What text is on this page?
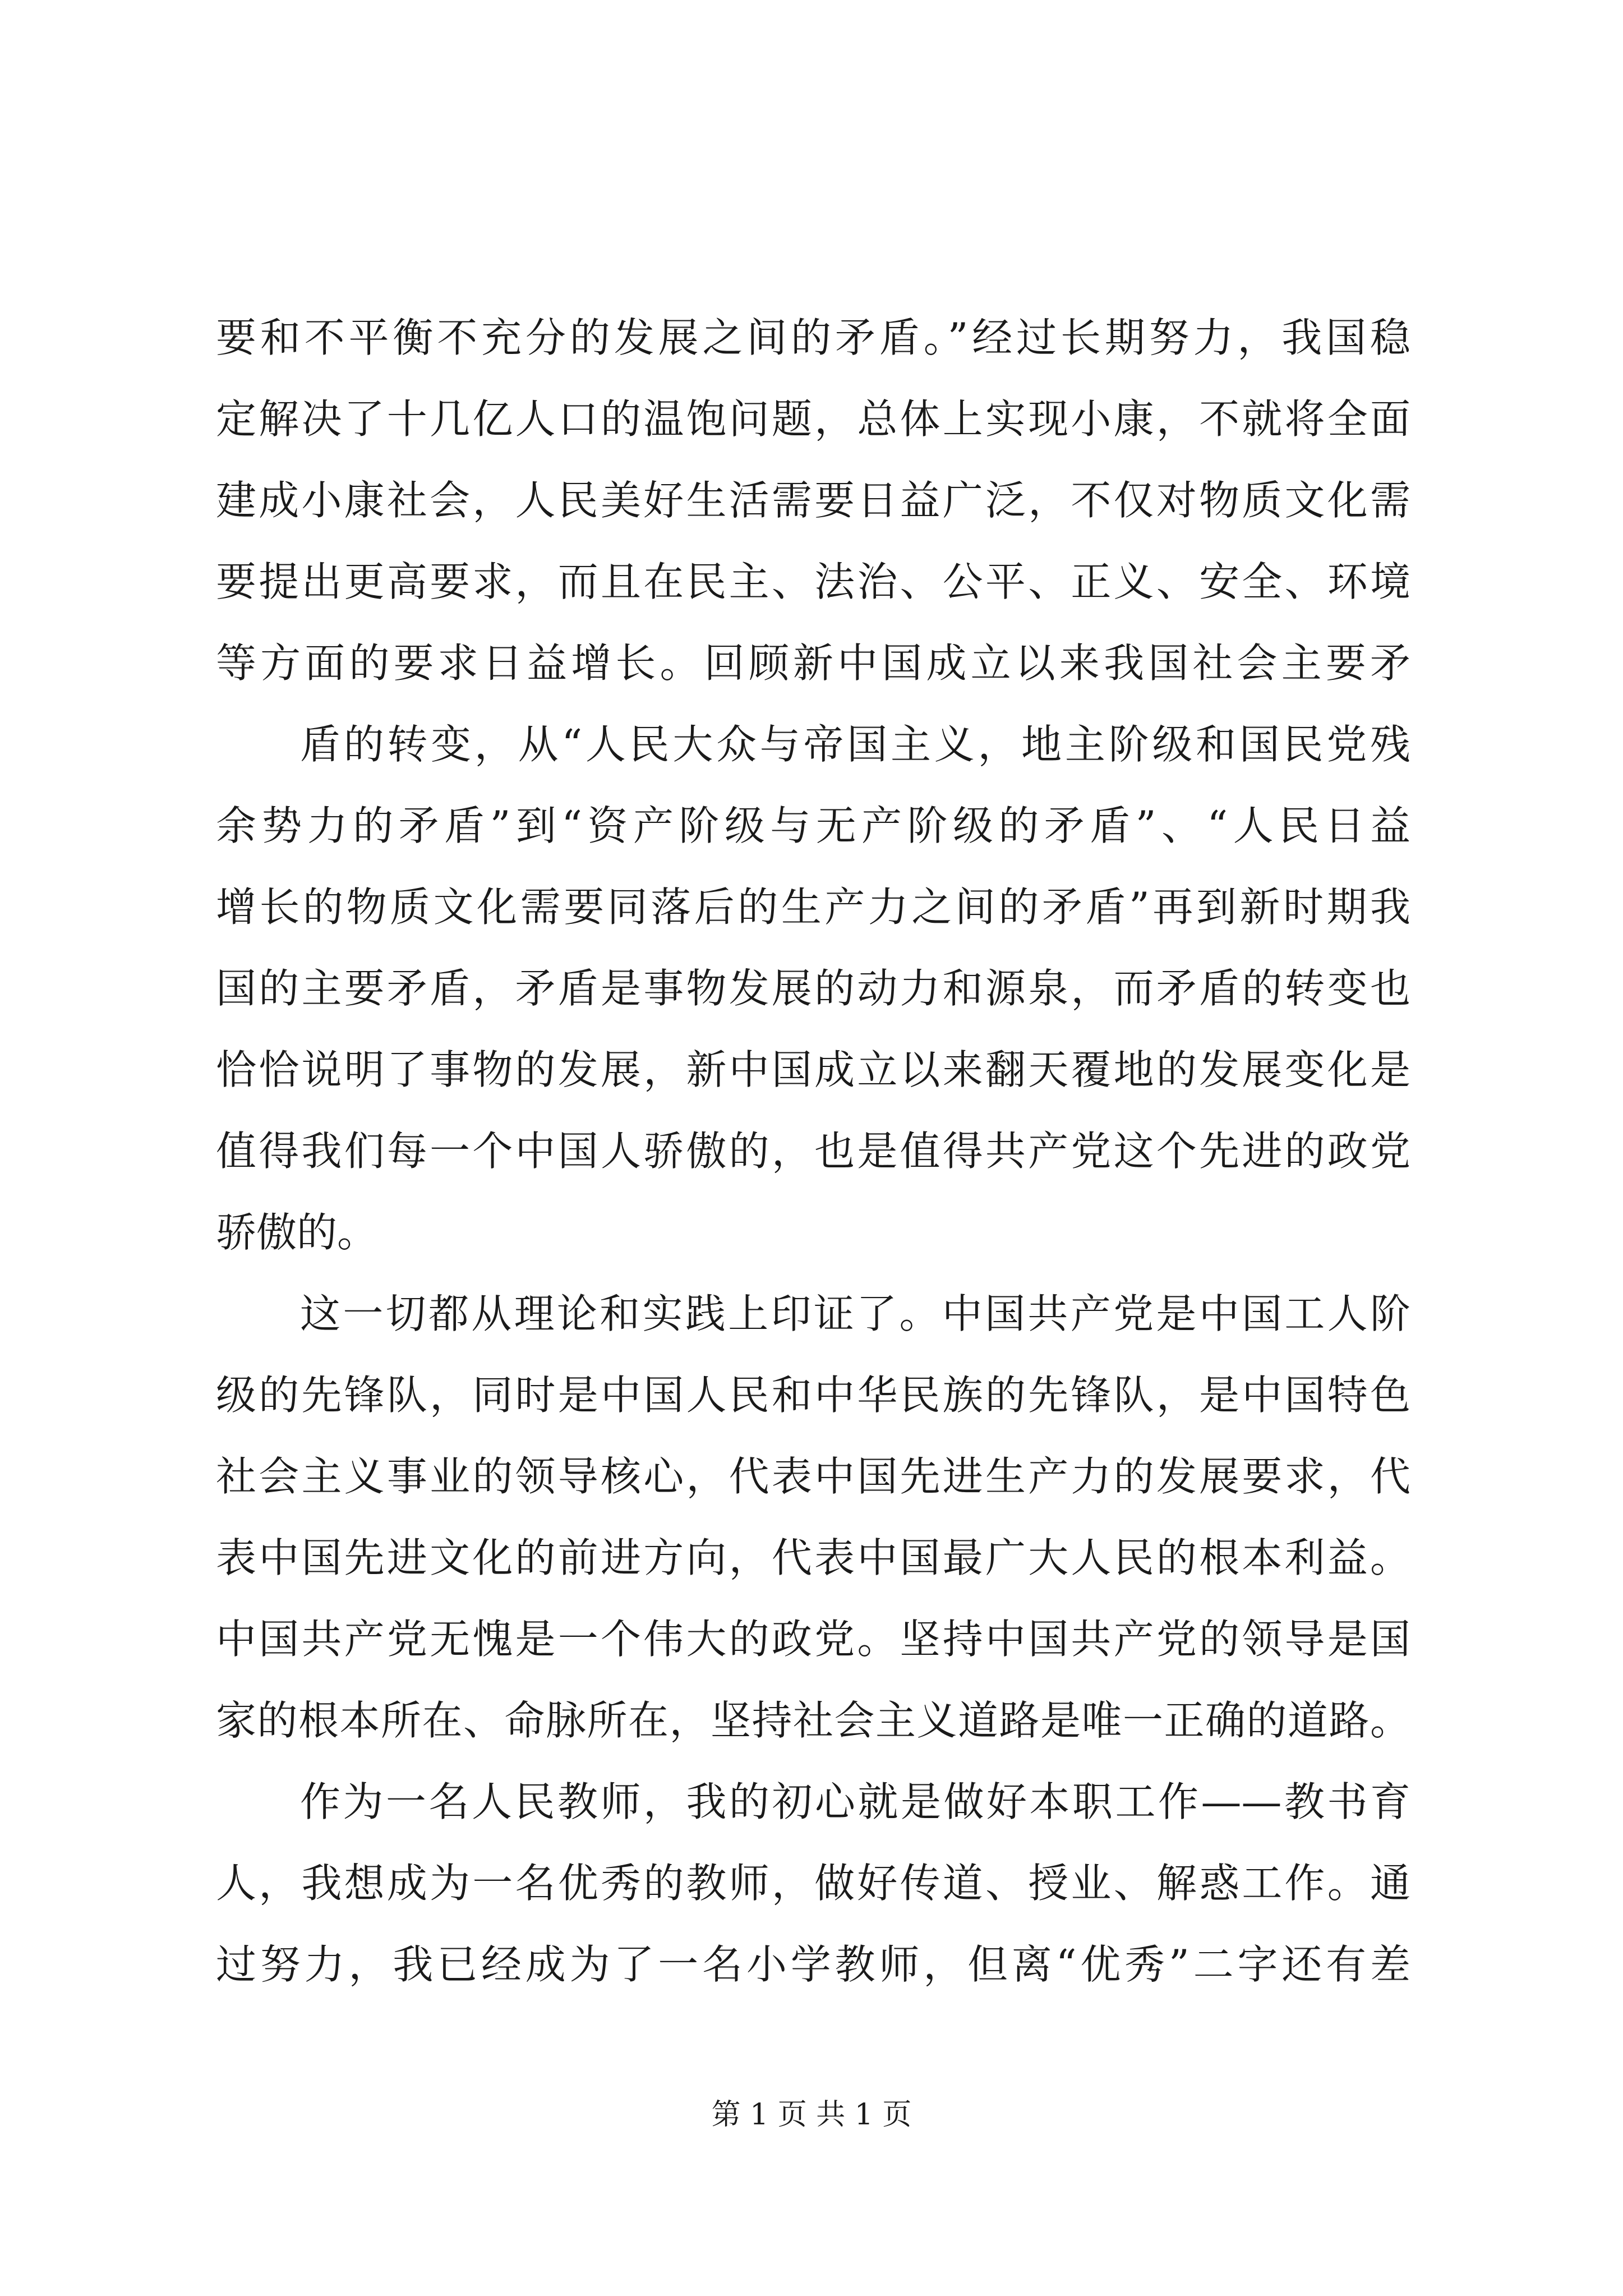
要和不平衡不充分的发展之间的矛盾。”经过长期努力，我国稳
定解决了十几亿人口的温饱问题，总体上实现小康，不就将全面
建成小康社会，人民美好生活需要日益广泛，不仅对物质文化需
要提出更高要求，而且在民主、法治、公平、正义、安全、环境
等方面的要求日益增长。回顾新中国成立以来我国社会主要矛
盾的转变，从“人民大众与帝国主义，地主阶级和国民党残
余势力的矛盾”到“资产阶级与无产阶级的矛盾”、“人民日益
增长的物质文化需要同落后的生产力之间的矛盾”再到新时期我
国的主要矛盾，矛盾是事物发展的动力和源泉，而矛盾的转变也
恰恰说明了事物的发展，新中国成立以来翻天覆地的发展变化是
值得我们每一个中国人骄傲的，也是值得共产党这个先进的政党
骄傲的。
这一切都从理论和实践上印证了。中国共产党是中国工人阶
级的先锋队，同时是中国人民和中华民族的先锋队，是中国特色
社会主义事业的领导核心，代表中国先进生产力的发展要求，代
表中国先进文化的前进方向，代表中国最广大人民的根本利益。
中国共产党无愧是一个伟大的政党。坚持中国共产党的领导是国
家的根本所在、命脉所在，坚持社会主义道路是唯一正确的道路。
作为一名人民教师，我的初心就是做好本职工作——教书育
人，我想成为一名优秀的教师，做好传道、授业、解惑工作。通
过努力，我已经成为了一名小学教师，但离“优秀”二字还有差
第 1 页 共 1 页
